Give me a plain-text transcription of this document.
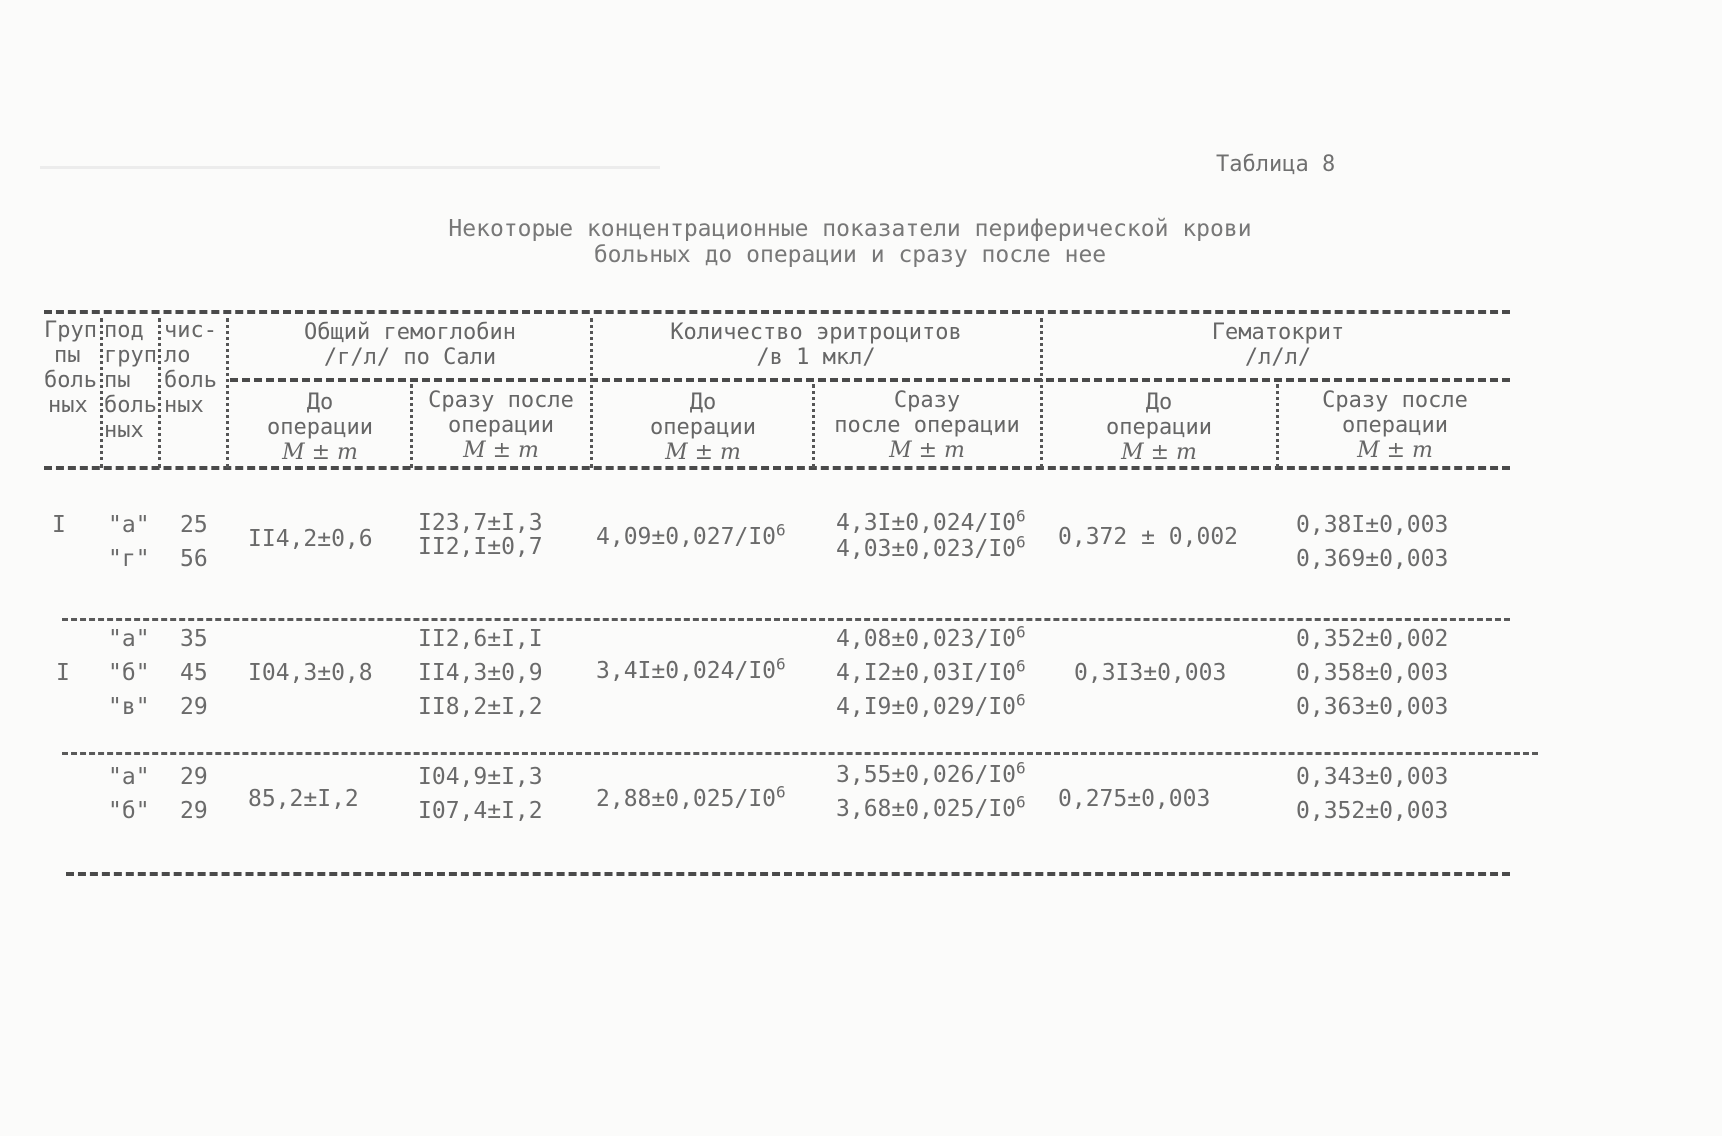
Таблица 8
Некоторые концентрационные показатели периферической крови
больных до операции и сразу после нее
Груп
пы
боль
ных
под
груп
пы
боль
ных
чис-
ло
боль
ных
Общий гемоглобин
/г/л/ по Сали
Количество эритроцитов
/в 1 мкл/
Гематокрит
/л/л/
До
операции
М ± m
Сразу после
операции
М ± m
До
операции
М ± m
Сразу
после операции
М ± m
До
операции
М ± m
Сразу после
операции
М ± m
I "а" 25
"г" 56
II4,2±0,6
I23,7±I,3
II2,I±0,7 $4,09\pm 0,027/I0^6$ $4,3I\pm 0,024/I0^6$
$4,03\pm 0,023/I0^6$ 0,372 ± 0,002	0,38I±0,003
0,369±0,003
I
"а" 35
"б" 45
"в" 29
I04,3±0,8
II2,6±I,I
II4,3±0,9
II8,2±I,2
$3,4I\pm 0,024/I0^6$
$4,08\pm 0,023/I0^6$
$4,I2\pm 0,03I/I0^6$
$4,I9\pm 0,029/I0^6$
0,3I3±0,003
0,352±0,002
0,358±0,003
0,363±0,003
"а" 29
"б" 29 85,2±I,2
I04,9±I,3
I07,4±I,2 $2,88\pm 0,025/I0^6$
$3,55\pm 0,026/I0^6$
$3,68\pm 0,025/I0^6$ 0,275±0,003
0,343±0,003
0,352±0,003
